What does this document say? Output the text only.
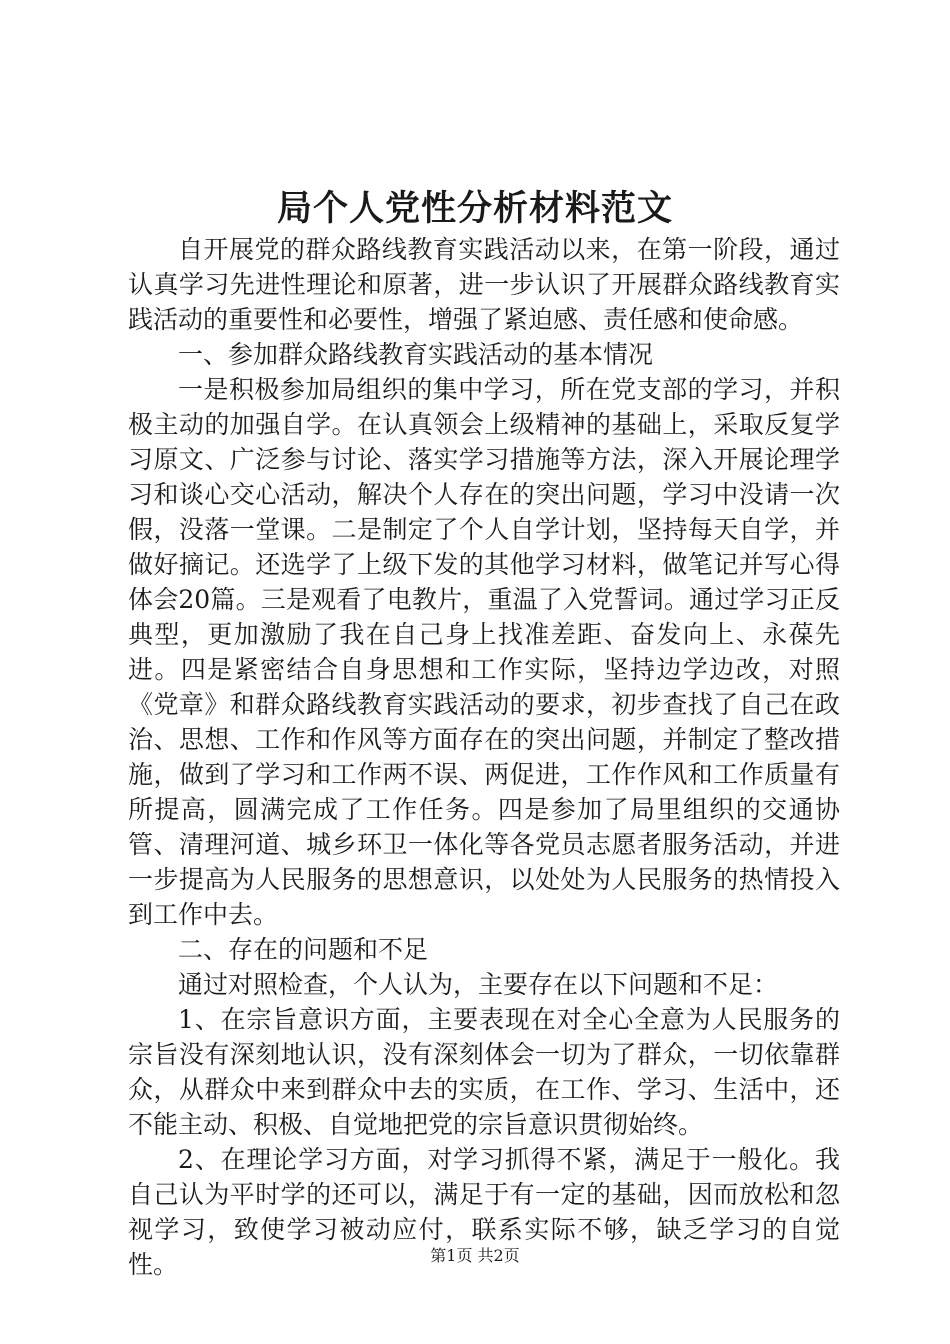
局个人党性分析材料范文

自开展党的群众路线教育实践活动以来，在第一阶段，通过认真学习先进性理论和原著，进一步认识了开展群众路线教育实践活动的重要性和必要性，增强了紧迫感、责任感和使命感。

一、参加群众路线教育实践活动的基本情况

一是积极参加局组织的集中学习，所在党支部的学习，并积极主动的加强自学。在认真领会上级精神的基础上，采取反复学习原文、广泛参与讨论、落实学习措施等方法，深入开展论理学习和谈心交心活动，解决个人存在的突出问题，学习中没请一次假，没落一堂课。二是制定了个人自学计划，坚持每天自学，并做好摘记。还选学了上级下发的其他学习材料，做笔记并写心得体会20篇。三是观看了电教片，重温了入党誓词。通过学习正反典型，更加激励了我在自己身上找准差距、奋发向上、永葆先进。四是紧密结合自身思想和工作实际，坚持边学边改，对照《党章》和群众路线教育实践活动的要求，初步查找了自己在政治、思想、工作和作风等方面存在的突出问题，并制定了整改措施，做到了学习和工作两不误、两促进，工作作风和工作质量有所提高，圆满完成了工作任务。四是参加了局里组织的交通协管、清理河道、城乡环卫一体化等各党员志愿者服务活动，并进一步提高为人民服务的思想意识，以处处为人民服务的热情投入到工作中去。

二、存在的问题和不足

通过对照检查，个人认为，主要存在以下问题和不足：

1、在宗旨意识方面，主要表现在对全心全意为人民服务的宗旨没有深刻地认识，没有深刻体会一切为了群众，一切依靠群众，从群众中来到群众中去的实质，在工作、学习、生活中，还不能主动、积极、自觉地把党的宗旨意识贯彻始终。

2、在理论学习方面，对学习抓得不紧，满足于一般化。我自己认为平时学的还可以，满足于有一定的基础，因而放松和忽视学习，致使学习被动应付，联系实际不够，缺乏学习的自觉性。	第1页 共2页
